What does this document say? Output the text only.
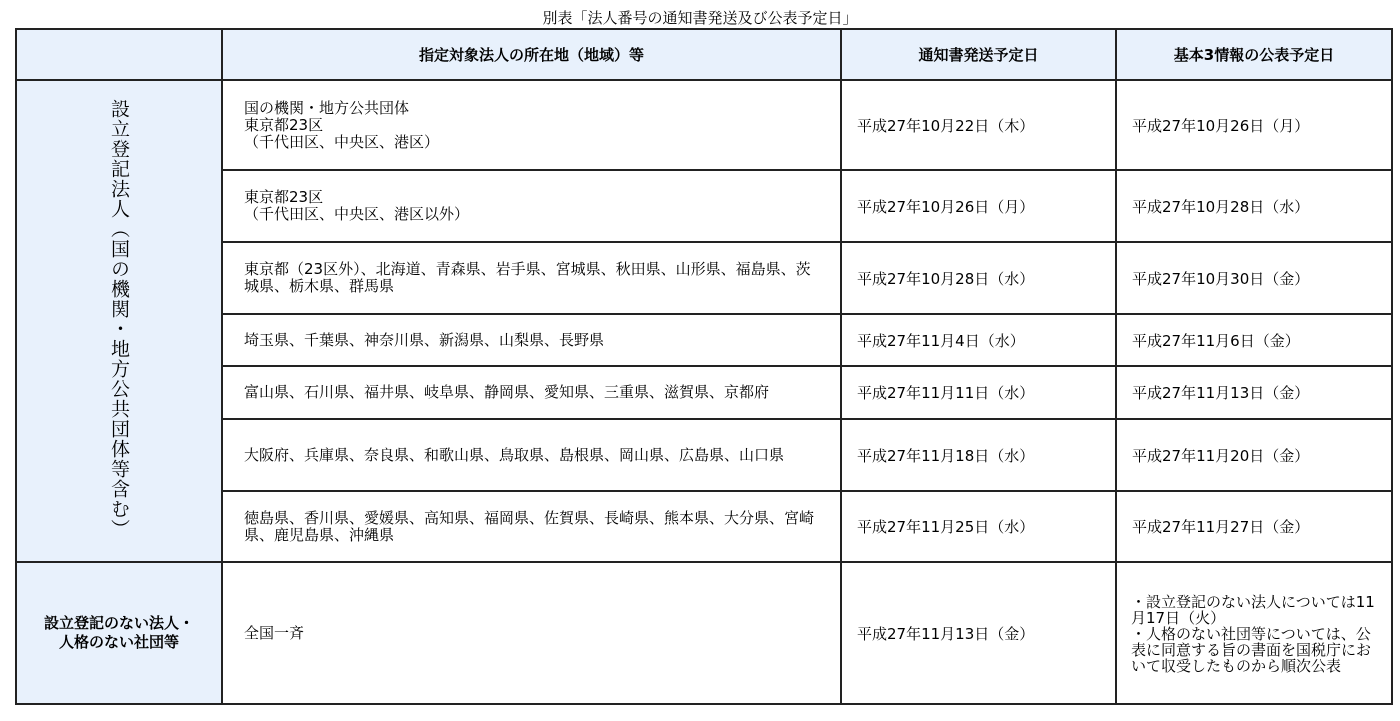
別表「法人番号の通知書発送及び公表予定日」
	指定対象法人の所在地（地域）等	通知書発送予定日	基本3情報の公表予定日
設立登記法人（国の機関・地方公共団体等含む）	国の機関・地方公共団体
東京都23区
（千代田区、中央区、港区）	平成27年10月22日（木）	平成27年10月26日（月）
	東京都23区
（千代田区、中央区、港区以外）	平成27年10月26日（月）	平成27年10月28日（水）
	東京都（23区外）、北海道、青森県、岩手県、宮城県、秋田県、山形県、福島県、茨城県、栃木県、群馬県	平成27年10月28日（水）	平成27年10月30日（金）
	埼玉県、千葉県、神奈川県、新潟県、山梨県、長野県	平成27年11月4日（水）	平成27年11月6日（金）
	富山県、石川県、福井県、岐阜県、静岡県、愛知県、三重県、滋賀県、京都府	平成27年11月11日（水）	平成27年11月13日（金）
	大阪府、兵庫県、奈良県、和歌山県、鳥取県、島根県、岡山県、広島県、山口県	平成27年11月18日（水）	平成27年11月20日（金）
	徳島県、香川県、愛媛県、高知県、福岡県、佐賀県、長崎県、熊本県、大分県、宮崎県、鹿児島県、沖縄県	平成27年11月25日（水）	平成27年11月27日（金）
設立登記のない法人・
人格のない社団等	全国一斉	平成27年11月13日（金）	・設立登記のない法人については11月17日（火）
・人格のない社団等については、公表に同意する旨の書面を国税庁において収受したものから順次公表
